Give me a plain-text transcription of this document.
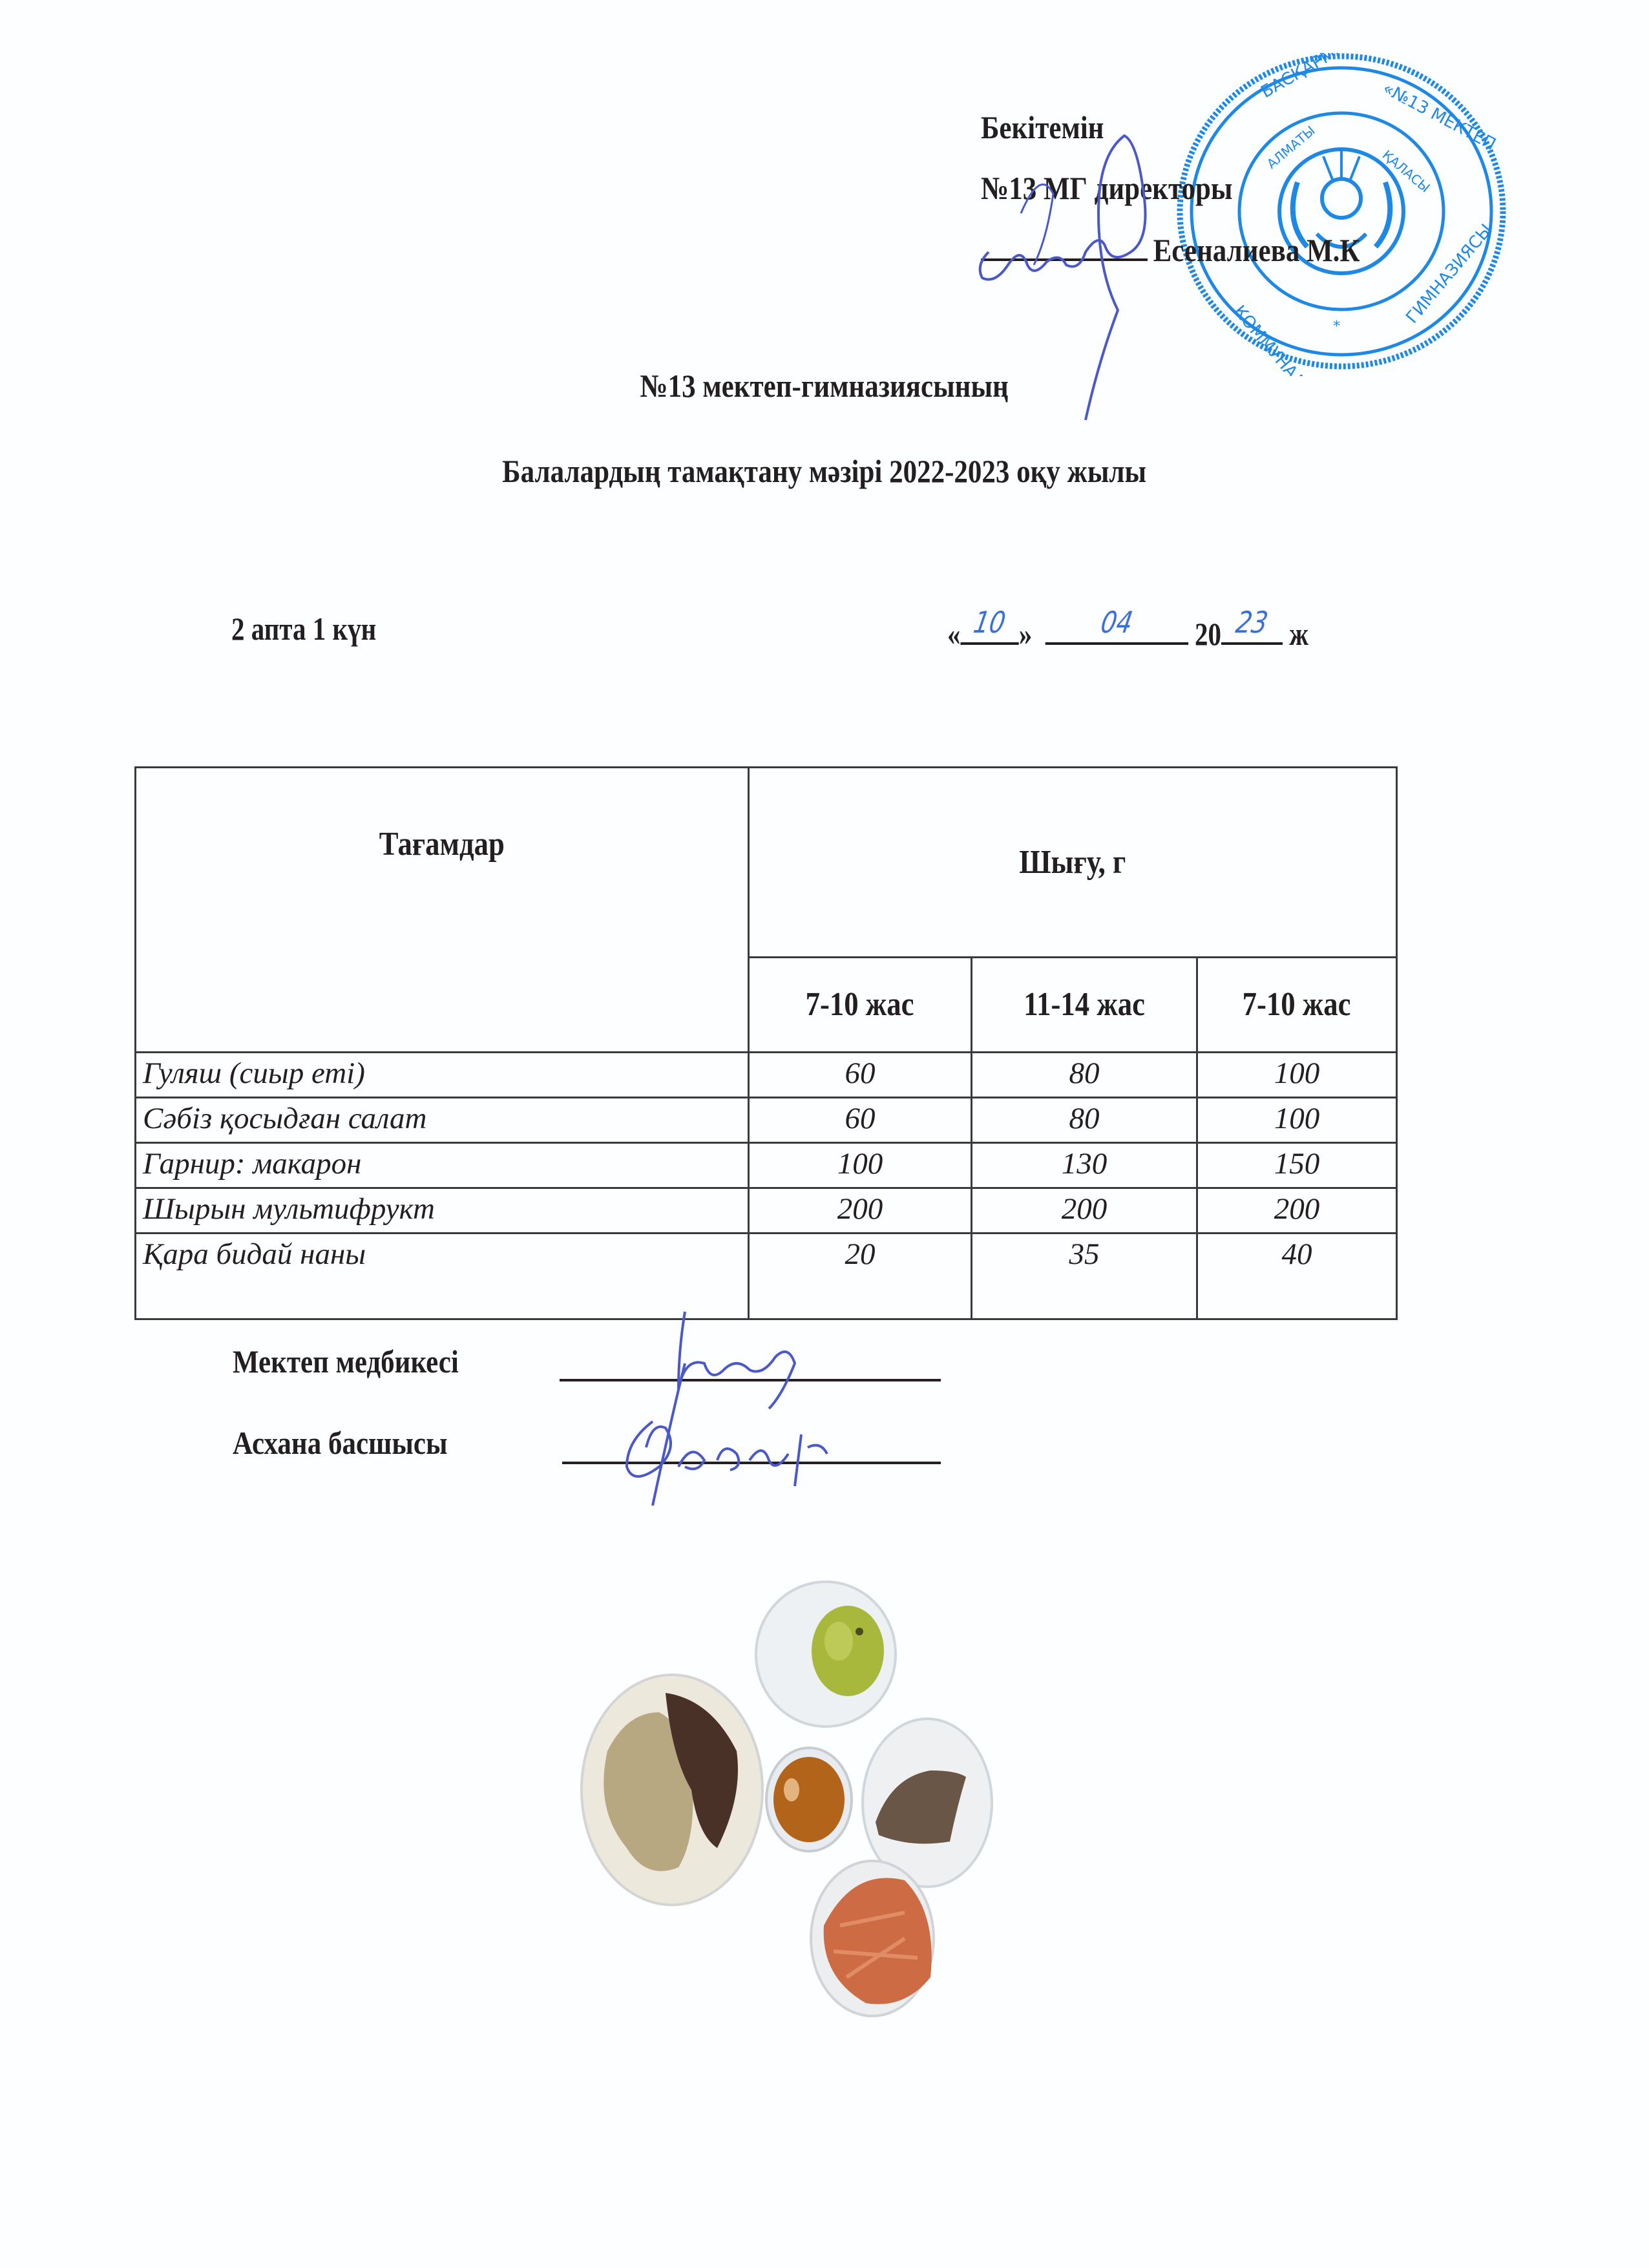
БАСҚАРМАСЫНЫҢ
«№13 МЕКТЕП
АЛМАТЫ	ҚАЛАСЫ
КОММУНАЛДЫҚ
ГИМНАЗИЯСЫ
*
Бекітемін
№13 МГ директоры
Есеналиева М.К
№13 мектеп-гимназиясының
Балалардың тамақтану мәзірі 2022-2023 оқу жылы
2 апта 1 күн	« 10 »	04	20 23 ж
Тағамдар	Шығу, г		
	7-10 жас	11-14 жас	7-10 жас
Гуляш (сиыр еті)	60	80	100
Сәбіз қосыдған салат	60	80	100
Гарнир: макарон	100	130	150
Шырын мультифрукт	200	200	200
Қара бидай наны	20	35	40
Мектеп медбикесі
Асхана басшысы
